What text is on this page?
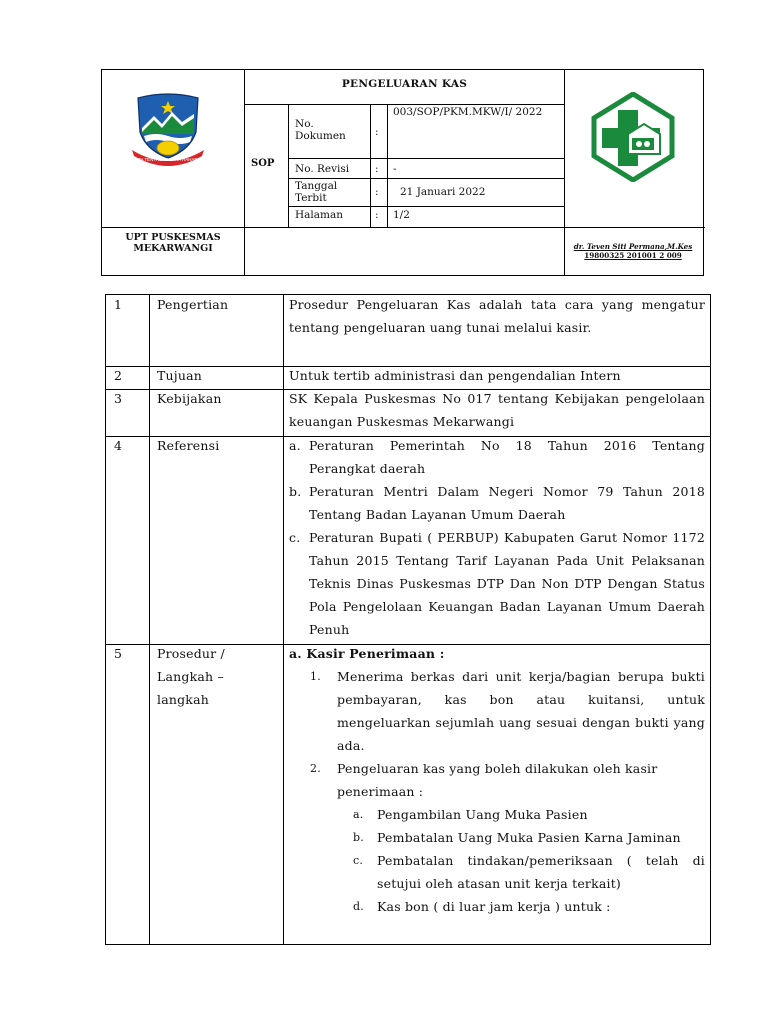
TATA TENTREM KERTA RAHARJA
PENGELUARAN KAS
SOP
No. Dokumen	:
003/SOP/PKM.MKW/I/ 2022
No. Revisi : -
Tanggal Terbit	: 21 Januari 2022
Halaman	: 1/2
UPT PUSKESMAS MEKARWANGI	dr. Teven Siti Permana,M.Kes
19800325 201001 2 009
1	Pengertian	Prosedur Pengeluaran Kas adalah tata cara yang mengatur tentang pengeluaran uang tunai melalui kasir.
2	Tujuan	Untuk tertib administrasi dan pengendalian Intern
3	Kebijakan	SK Kepala Puskesmas No 017 tentang Kebijakan pengelolaan keuangan Puskesmas Mekarwangi
4	Referensi	a. Peraturan Pemerintah No 18 Tahun 2016 Tentang Perangkat daerah
b. Peraturan Mentri Dalam Negeri Nomor 79 Tahun 2018 Tentang Badan Layanan Umum Daerah
c. Peraturan Bupati ( PERBUP) Kabupaten Garut Nomor 1172 Tahun 2015 Tentang Tarif Layanan Pada Unit Pelaksanan Teknis Dinas Puskesmas DTP Dan Non DTP Dengan Status Pola Pengelolaan Keuangan Badan Layanan Umum Daerah Penuh
5	Prosedur / Langkah – langkah
a. Kasir Penerimaan :
1. Menerima berkas dari unit kerja/bagian berupa bukti pembayaran, kas bon atau kuitansi, untuk mengeluarkan sejumlah uang sesuai dengan bukti yang ada.
2. Pengeluaran kas yang boleh dilakukan oleh kasir penerimaan :
a. Pengambilan Uang Muka Pasien
b. Pembatalan Uang Muka Pasien Karna Jaminan
c. Pembatalan tindakan/pemeriksaan ( telah di setujui oleh atasan unit kerja terkait)
d. Kas bon ( di luar jam kerja ) untuk :
